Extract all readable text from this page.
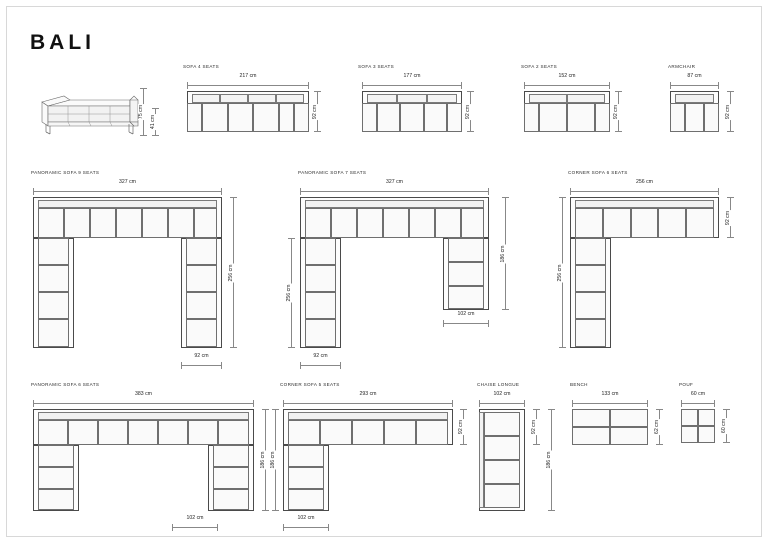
BALI
75 cm
41 cm
SOFA 4 SEATS
217 cm
92 cm
SOFA 3 SEATS
177 cm
92 cm
SOFA 2 SEATS
152 cm
92 cm
ARMCHAIR
87 cm
92 cm
PANORAMIC SOFA 9 SEATS
327 cm
256 cm
92 cm
PANORAMIC SOFA 7 SEATS
327 cm
256 cm
186 cm
92 cm
102 cm
CORNER SOFA 6 SEATS
256 cm
92 cm
256 cm
PANORAMIC SOFA 6 SEATS
383 cm
186 cm
102 cm
CORNER SOFA 5 SEATS
293 cm
92 cm
186 cm
102 cm
CHAISE LONGUE
102 cm
92 cm
186 cm
BENCH
133 cm
62 cm
POUF
60 cm
60 cm
